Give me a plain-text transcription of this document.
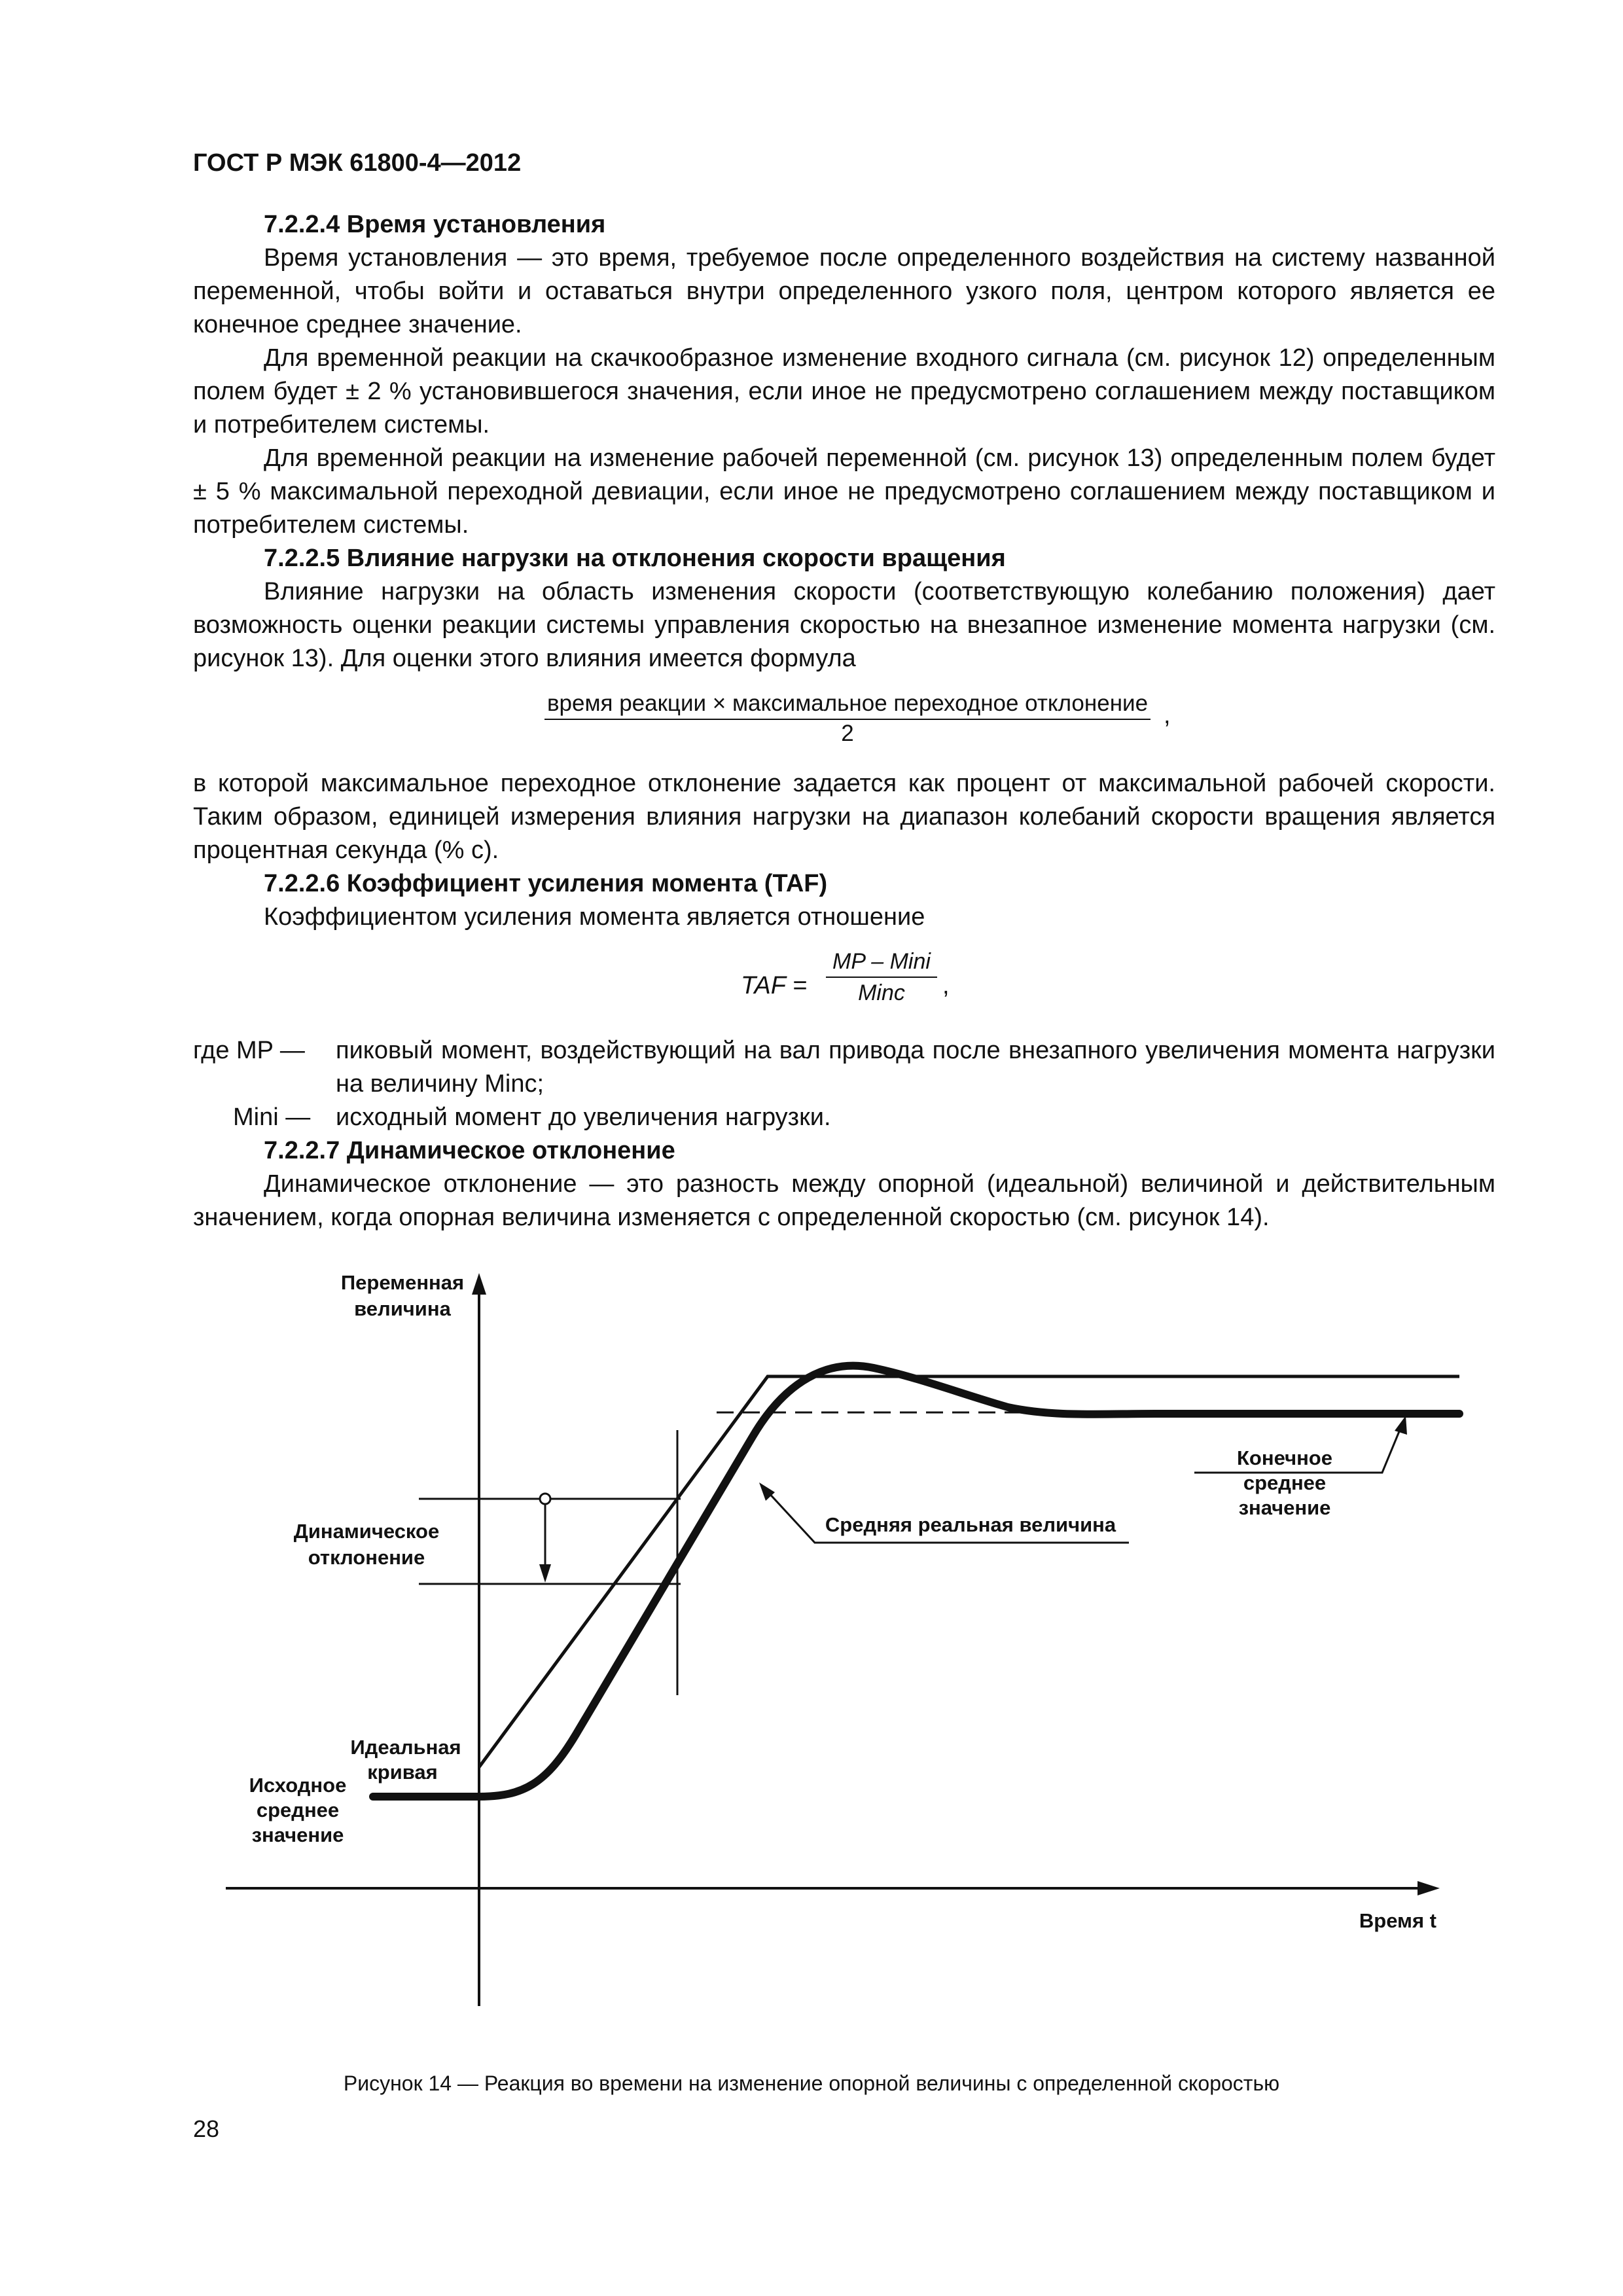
ГОСТ Р МЭК 61800-4—2012

7.2.2.4 Время установления

Время установления — это время, требуемое после определенного воздействия на систему названной переменной, чтобы войти и оставаться внутри определенного узкого поля, центром которого является ее конечное среднее значение.

Для временной реакции на скачкообразное изменение входного сигнала (см. рисунок 12) определенным полем будет ± 2 % установившегося значения, если иное не предусмотрено соглашением между поставщиком и потребителем системы.

Для временной реакции на изменение рабочей переменной (см. рисунок 13) определенным полем будет ± 5 % максимальной переходной девиации, если иное не предусмотрено соглашением между поставщиком и потребителем системы.

7.2.2.5 Влияние нагрузки на отклонения скорости вращения

Влияние нагрузки на область изменения скорости (соответствующую колебанию положения) дает возможность оценки реакции системы управления скоростью на внезапное изменение момента нагрузки (см. рисунок 13). Для оценки этого влияния имеется формула

время реакции × максимальное переходное отклонение
2
,

в которой максимальное переходное отклонение задается как процент от максимальной рабочей скорости. Таким образом, единицей измерения влияния нагрузки на диапазон колебаний скорости вращения является процентная секунда (% с).

7.2.2.6 Коэффициент усиления момента (TAF)

Коэффициентом усиления момента является отношение

TAF =
MP – Mini
Minc	,
где MP —	пиковый момент, воздействующий на вал привода после внезапного увеличения момента нагрузки на величину Minc;
Mini —	исходный момент до увеличения нагрузки.

7.2.2.7 Динамическое отклонение

Динамическое отклонение — это разность между опорной (идеальной) величиной и действительным значением, когда опорная величина изменяется с определенной скоростью (см. рисунок 14).

Переменная
величина
Динамическое
отклонение
Идеальная
кривая
Исходное
среднее
значение
Средняя реальная величина
Конечное
среднее
значение
Время t
Рисунок 14 — Реакция во времени на изменение опорной величины с определенной скоростью
28
